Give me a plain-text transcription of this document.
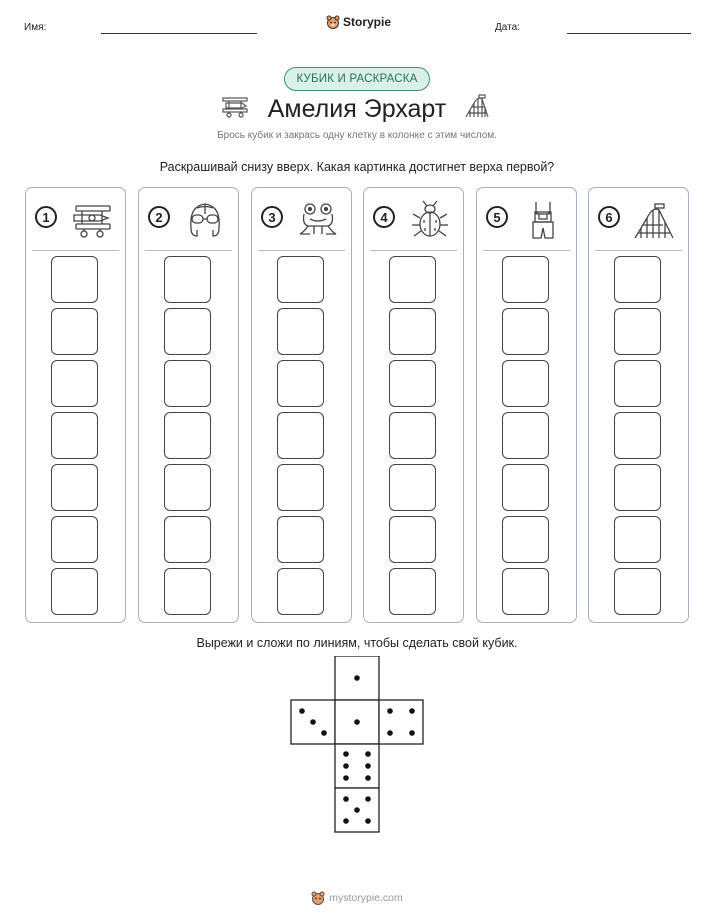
Имя:	Storypie	Дата:
КУБИК И РАСКРАСКА
Амелия Эрхарт
Брось кубик и закрась одну клетку в колонке с этим числом.
Раскрашивай снизу вверх. Какая картинка достигнет верха первой?
1	2	3	4	5	6
Вырежи и сложи по линиям, чтобы сделать свой кубик.
mystorypie.com
